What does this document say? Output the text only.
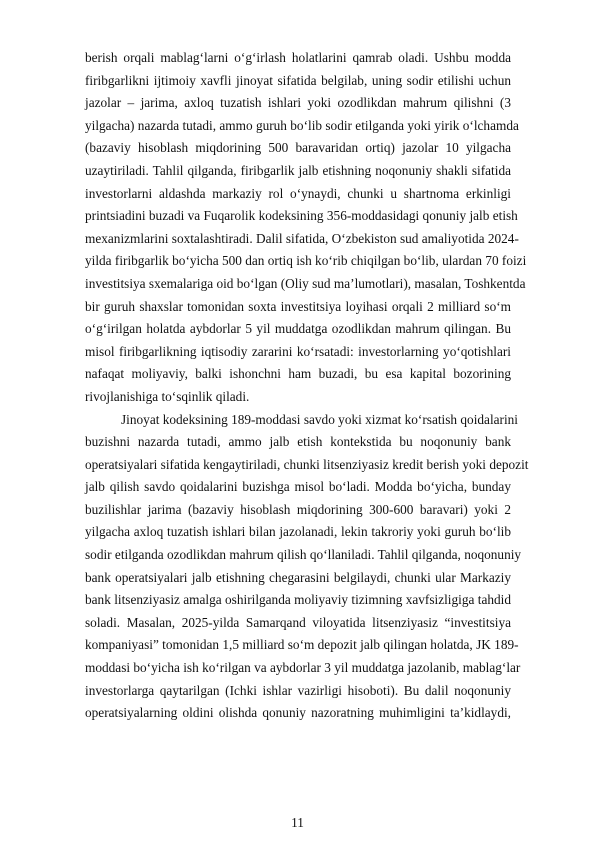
berish orqali mablag‘larni o‘g‘irlash holatlarini qamrab oladi. Ushbu modda
firibgarlikni ijtimoiy xavfli jinoyat sifatida belgilab, uning sodir etilishi uchun
jazolar – jarima, axloq tuzatish ishlari yoki ozodlikdan mahrum qilishni (3
yilgacha) nazarda tutadi, ammo guruh bo‘lib sodir etilganda yoki yirik o‘lchamda
(bazaviy hisoblash miqdorining 500 baravaridan ortiq) jazolar 10 yilgacha
uzaytiriladi. Tahlil qilganda, firibgarlik jalb etishning noqonuniy shakli sifatida
investorlarni aldashda markaziy rol o‘ynaydi, chunki u shartnoma erkinligi
printsiadini buzadi va Fuqarolik kodeksining 356-moddasidagi qonuniy jalb etish
mexanizmlarini soxtalashtiradi. Dalil sifatida, O‘zbekiston sud amaliyotida 2024-
yilda firibgarlik bo‘yicha 500 dan ortiq ish ko‘rib chiqilgan bo‘lib, ulardan 70 foizi
investitsiya sxemalariga oid bo‘lgan (Oliy sud ma’lumotlari), masalan, Toshkentda
bir guruh shaxslar tomonidan soxta investitsiya loyihasi orqali 2 milliard so‘m
o‘g‘irilgan holatda aybdorlar 5 yil muddatga ozodlikdan mahrum qilingan. Bu
misol firibgarlikning iqtisodiy zararini ko‘rsatadi: investorlarning yo‘qotishlari
nafaqat moliyaviy, balki ishonchni ham buzadi, bu esa kapital bozorining
rivojlanishiga to‘sqinlik qiladi.
Jinoyat kodeksining 189-moddasi savdo yoki xizmat ko‘rsatish qoidalarini
buzishni nazarda tutadi, ammo jalb etish kontekstida bu noqonuniy bank
operatsiyalari sifatida kengaytiriladi, chunki litsenziyasiz kredit berish yoki depozit
jalb qilish savdo qoidalarini buzishga misol bo‘ladi. Modda bo‘yicha, bunday
buzilishlar jarima (bazaviy hisoblash miqdorining 300-600 baravari) yoki 2
yilgacha axloq tuzatish ishlari bilan jazolanadi, lekin takroriy yoki guruh bo‘lib
sodir etilganda ozodlikdan mahrum qilish qo‘llaniladi. Tahlil qilganda, noqonuniy
bank operatsiyalari jalb etishning chegarasini belgilaydi, chunki ular Markaziy
bank litsenziyasiz amalga oshirilganda moliyaviy tizimning xavfsizligiga tahdid
soladi. Masalan, 2025-yilda Samarqand viloyatida litsenziyasiz “investitsiya
kompaniyasi” tomonidan 1,5 milliard so‘m depozit jalb qilingan holatda, JK 189-
moddasi bo‘yicha ish ko‘rilgan va aybdorlar 3 yil muddatga jazolanib, mablag‘lar
investorlarga qaytarilgan (Ichki ishlar vazirligi hisoboti). Bu dalil noqonuniy
operatsiyalarning oldini olishda qonuniy nazoratning muhimligini ta’kidlaydi,
11
